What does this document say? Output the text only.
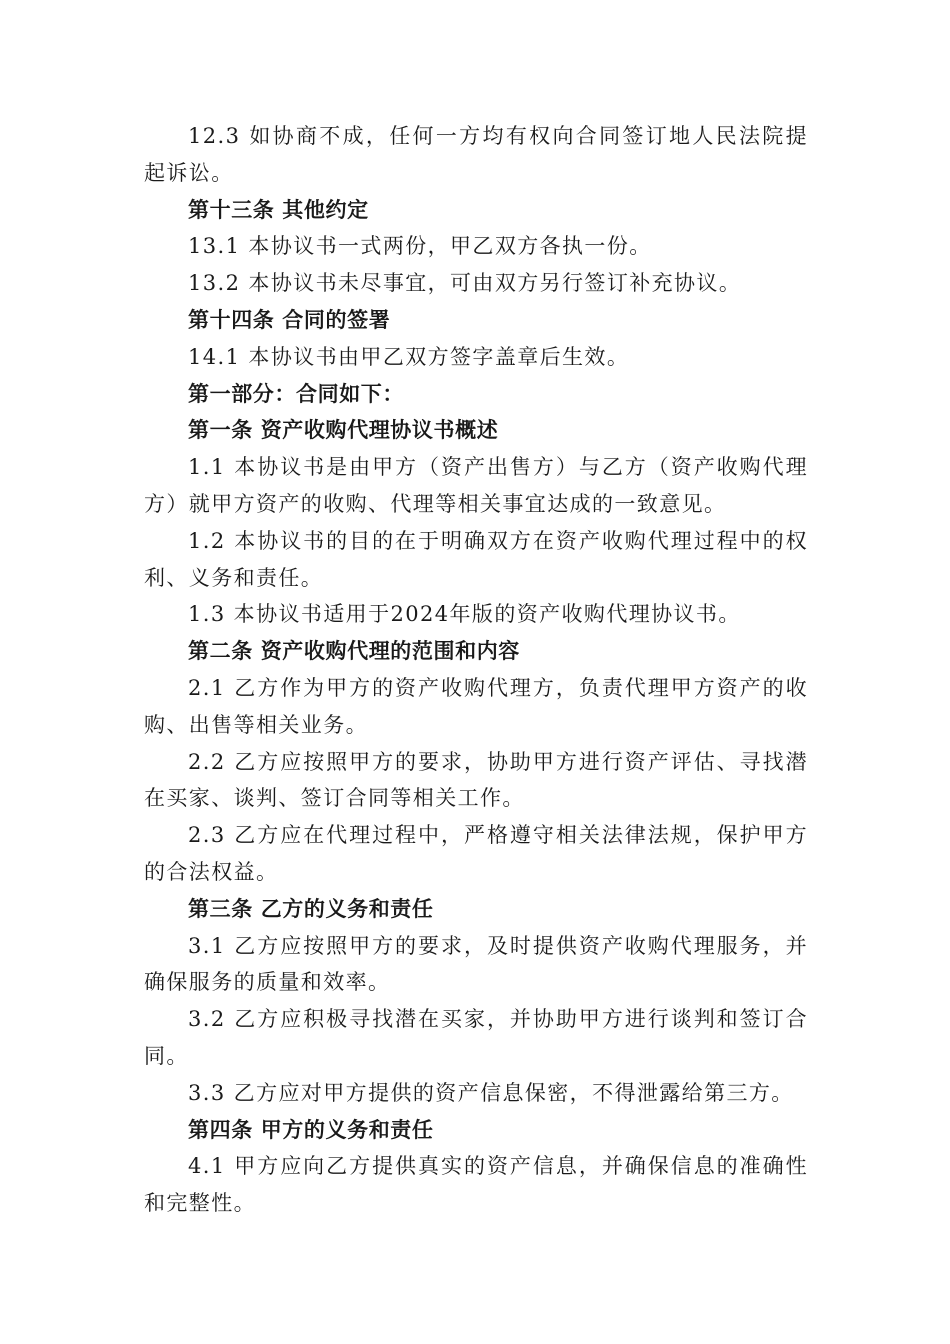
12.3 如协商不成，任何一方均有权向合同签订地人民法院提起诉讼。

第十三条 其他约定

13.1 本协议书一式两份，甲乙双方各执一份。

13.2 本协议书未尽事宜，可由双方另行签订补充协议。

第十四条 合同的签署

14.1 本协议书由甲乙双方签字盖章后生效。

第一部分：合同如下：

第一条 资产收购代理协议书概述

1.1 本协议书是由甲方（资产出售方）与乙方（资产收购代理方）就甲方资产的收购、代理等相关事宜达成的一致意见。

1.2 本协议书的目的在于明确双方在资产收购代理过程中的权利、义务和责任。

1.3 本协议书适用于2024年版的资产收购代理协议书。

第二条 资产收购代理的范围和内容

2.1 乙方作为甲方的资产收购代理方，负责代理甲方资产的收购、出售等相关业务。

2.2 乙方应按照甲方的要求，协助甲方进行资产评估、寻找潜在买家、谈判、签订合同等相关工作。

2.3 乙方应在代理过程中，严格遵守相关法律法规，保护甲方的合法权益。

第三条 乙方的义务和责任

3.1 乙方应按照甲方的要求，及时提供资产收购代理服务，并确保服务的质量和效率。

3.2 乙方应积极寻找潜在买家，并协助甲方进行谈判和签订合同。

3.3 乙方应对甲方提供的资产信息保密，不得泄露给第三方。

第四条 甲方的义务和责任

4.1 甲方应向乙方提供真实的资产信息，并确保信息的准确性和完整性。
